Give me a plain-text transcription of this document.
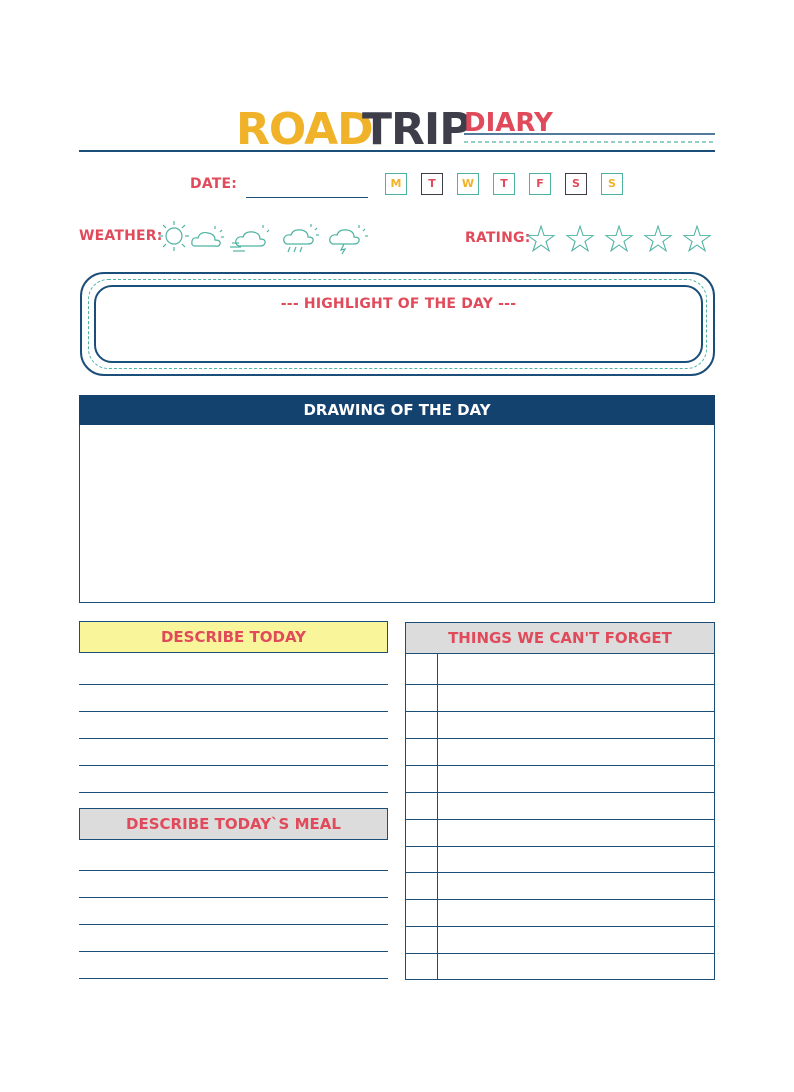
ROAD
TRIP
DIARY
DATE:	M	T	W	T	F	S	S
WEATHER:	RATING:
☆ ☆ ☆ ☆ ☆
--- HIGHLIGHT OF THE DAY ---
DRAWING OF THE DAY
DESCRIBE TODAY
DESCRIBE TODAY`S MEAL
THINGS WE CAN'T FORGET
